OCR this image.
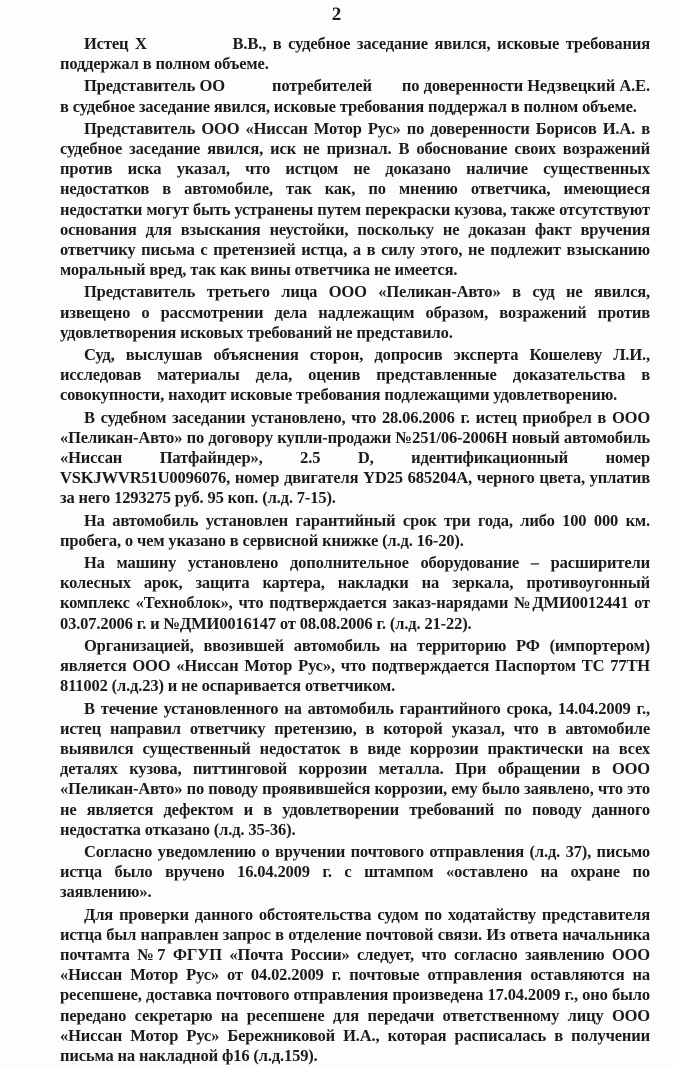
2

Истец Х             В.В., в судебное заседание явился, исковые требования поддержал в полном объеме.

Представитель ОО           потребителей       по доверенности Недзвецкий А.Е. в судебное заседание явился, исковые требования поддержал в полном объеме.

Представитель ООО «Ниссан Мотор Рус» по доверенности Борисов И.А. в судебное заседание явился, иск не признал. В обоснование своих возражений против иска указал, что истцом не доказано наличие существенных недостатков в автомобиле, так как, по мнению ответчика, имеющиеся недостатки могут быть устранены путем перекраски кузова, также отсутствуют основания для взыскания неустойки, поскольку не доказан факт вручения ответчику письма с претензией истца, а в силу этого, не подлежит взысканию моральный вред, так как вины ответчика не имеется.

Представитель третьего лица ООО «Пеликан-Авто» в суд не явился, извещено о рассмотрении дела надлежащим образом, возражений против удовлетворения исковых требований не представило.

Суд, выслушав объяснения сторон, допросив эксперта Кошелеву Л.И., исследовав материалы дела, оценив представленные доказательства в совокупности, находит исковые требования подлежащими удовлетворению.

В судебном заседании установлено, что 28.06.2006 г. истец приобрел в ООО «Пеликан-Авто» по договору купли-продажи №251/06-2006Н новый автомобиль «Ниссан Патфайндер», 2.5 D, идентификационный номер VSKJWVR51U0096076, номер двигателя YD25 685204A, черного цвета, уплатив за него 1293275 руб. 95 коп. (л.д. 7-15).

На автомобиль установлен гарантийный срок три года, либо 100 000 км. пробега, о чем указано в сервисной книжке (л.д. 16-20).

На машину установлено дополнительное оборудование – расширители колесных арок, защита картера, накладки на зеркала, противоугонный комплекс «Техноблок», что подтверждается заказ-нарядами №ДМИ0012441 от 03.07.2006 г. и №ДМИ0016147 от 08.08.2006 г. (л.д. 21-22).

Организацией, ввозившей автомобиль на территорию РФ (импортером) является ООО «Ниссан Мотор Рус», что подтверждается Паспортом ТС 77ТН 811002 (л.д.23) и не оспаривается ответчиком.

В течение установленного на автомобиль гарантийного срока, 14.04.2009 г., истец направил ответчику претензию, в которой указал, что в автомобиле выявился существенный недостаток в виде коррозии практически на всех деталях кузова, питтинговой коррозии металла. При обращении в ООО «Пеликан-Авто» по поводу проявившейся коррозии, ему было заявлено, что это не является дефектом и в удовлетворении требований по поводу данного недостатка отказано (л.д. 35-36).

Согласно уведомлению о вручении почтового отправления (л.д. 37), письмо истца было вручено 16.04.2009 г. с штампом «оставлено на охране по заявлению».

Для проверки данного обстоятельства судом по ходатайству представителя истца был направлен запрос в отделение почтовой связи. Из ответа начальника почтамта №7 ФГУП «Почта России» следует, что согласно заявлению ООО «Ниссан Мотор Рус» от 04.02.2009 г. почтовые отправления оставляются на ресепшене, доставка почтового отправления произведена 17.04.2009 г., оно было передано секретарю на ресепшене для передачи ответственному лицу ООО «Ниссан Мотор Рус» Бережниковой И.А., которая расписалась в получении письма на накладной ф16 (л.д.159).
